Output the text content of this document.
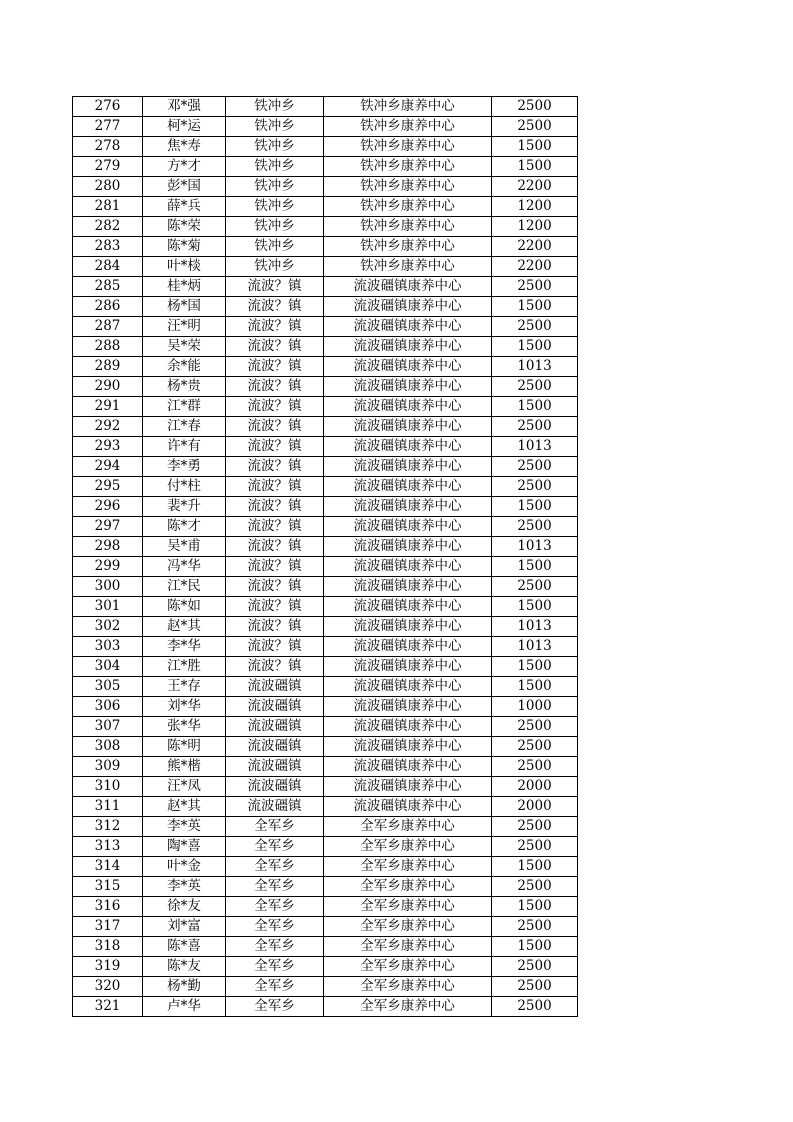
276	邓*强	铁冲乡	铁冲乡康养中心	2500
277	柯*运	铁冲乡	铁冲乡康养中心	2500
278	焦*寿	铁冲乡	铁冲乡康养中心	1500
279	方*才	铁冲乡	铁冲乡康养中心	1500
280	彭*国	铁冲乡	铁冲乡康养中心	2200
281	薛*兵	铁冲乡	铁冲乡康养中心	1200
282	陈*荣	铁冲乡	铁冲乡康养中心	1200
283	陈*菊	铁冲乡	铁冲乡康养中心	2200
284	叶*棪	铁冲乡	铁冲乡康养中心	2200
285	桂*炳	流波？镇	流波礓镇康养中心	2500
286	杨*国	流波？镇	流波礓镇康养中心	1500
287	汪*明	流波？镇	流波礓镇康养中心	2500
288	吴*荣	流波？镇	流波礓镇康养中心	1500
289	余*能	流波？镇	流波礓镇康养中心	1013
290	杨*贵	流波？镇	流波礓镇康养中心	2500
291	江*群	流波？镇	流波礓镇康养中心	1500
292	江*春	流波？镇	流波礓镇康养中心	2500
293	许*有	流波？镇	流波礓镇康养中心	1013
294	李*勇	流波？镇	流波礓镇康养中心	2500
295	付*柱	流波？镇	流波礓镇康养中心	2500
296	裴*升	流波？镇	流波礓镇康养中心	1500
297	陈*才	流波？镇	流波礓镇康养中心	2500
298	吴*甫	流波？镇	流波礓镇康养中心	1013
299	冯*华	流波？镇	流波礓镇康养中心	1500
300	江*民	流波？镇	流波礓镇康养中心	2500
301	陈*如	流波？镇	流波礓镇康养中心	1500
302	赵*其	流波？镇	流波礓镇康养中心	1013
303	李*华	流波？镇	流波礓镇康养中心	1013
304	江*胜	流波？镇	流波礓镇康养中心	1500
305	王*存	流波礓镇	流波礓镇康养中心	1500
306	刘*华	流波礓镇	流波礓镇康养中心	1000
307	张*华	流波礓镇	流波礓镇康养中心	2500
308	陈*明	流波礓镇	流波礓镇康养中心	2500
309	熊*楷	流波礓镇	流波礓镇康养中心	2500
310	汪*凤	流波礓镇	流波礓镇康养中心	2000
311	赵*其	流波礓镇	流波礓镇康养中心	2000
312	李*英	全军乡	全军乡康养中心	2500
313	陶*喜	全军乡	全军乡康养中心	2500
314	叶*金	全军乡	全军乡康养中心	1500
315	李*英	全军乡	全军乡康养中心	2500
316	徐*友	全军乡	全军乡康养中心	1500
317	刘*富	全军乡	全军乡康养中心	2500
318	陈*喜	全军乡	全军乡康养中心	1500
319	陈*友	全军乡	全军乡康养中心	2500
320	杨*勤	全军乡	全军乡康养中心	2500
321	卢*华	全军乡	全军乡康养中心	2500
